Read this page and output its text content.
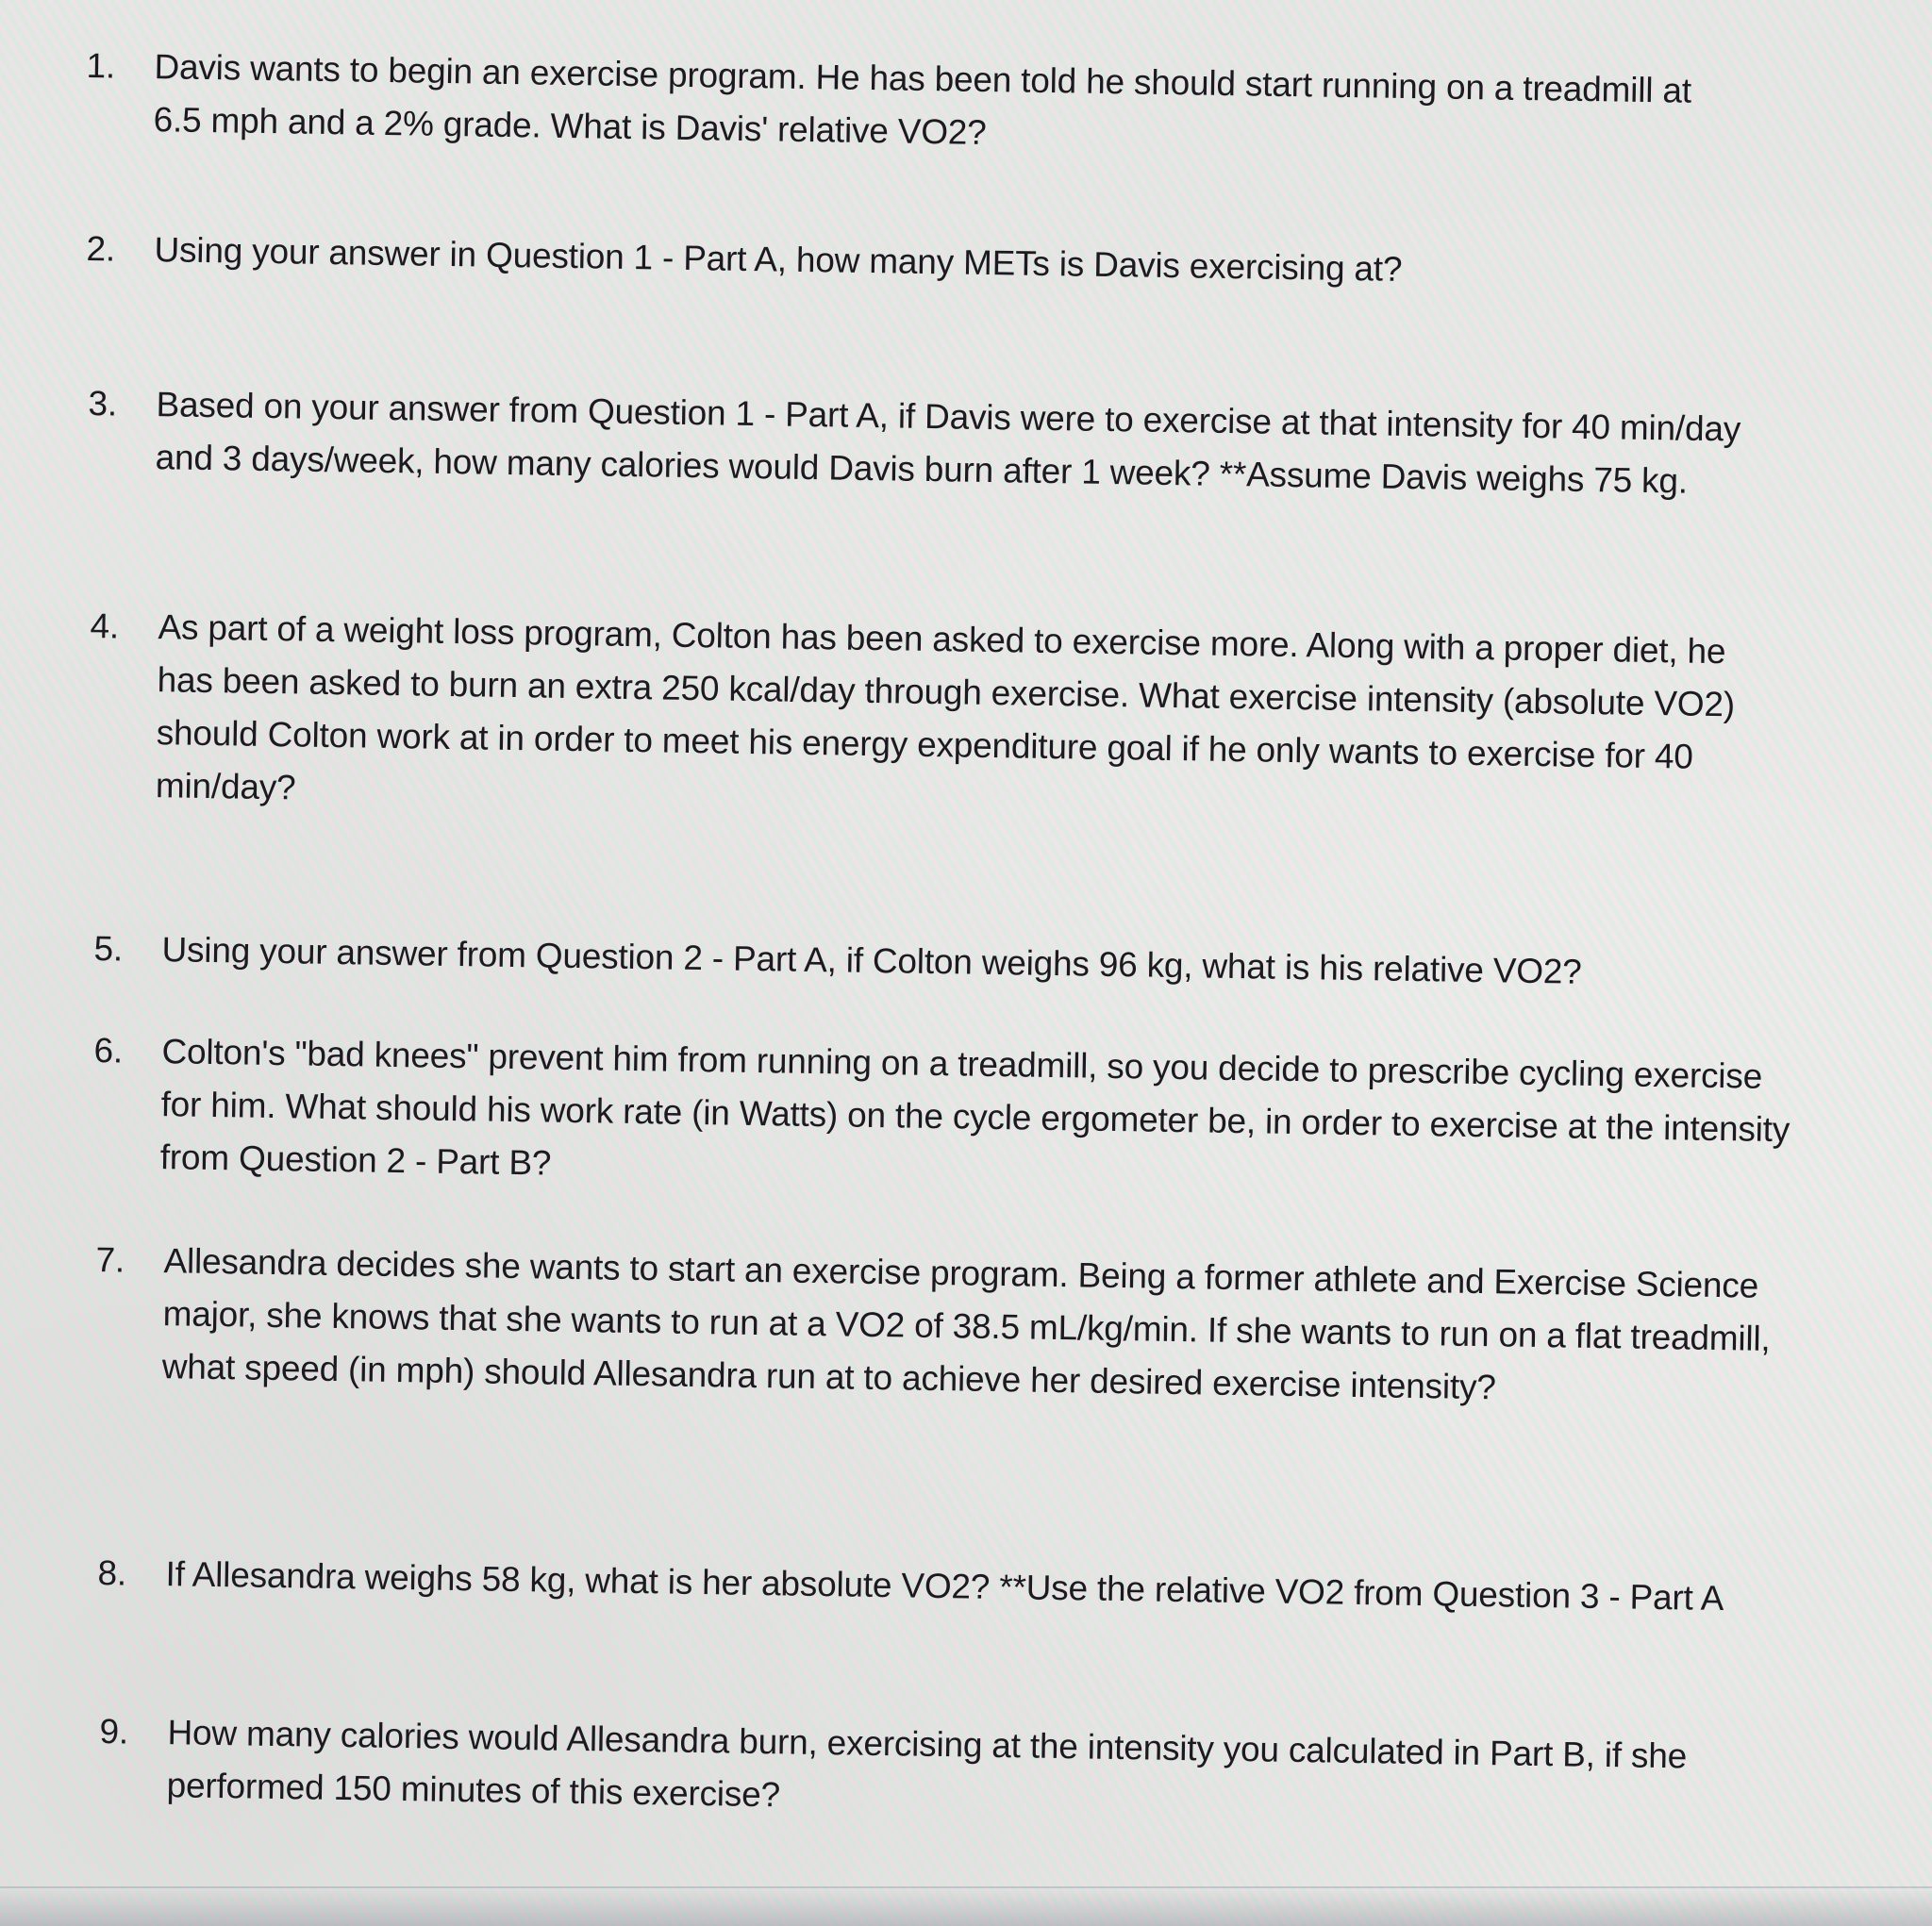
1.	Davis wants to begin an exercise program. He has been told he should start running on a treadmill at 6.5 mph and a 2% grade. What is Davis' relative VO2?
2.	Using your answer in Question 1 - Part A, how many METs is Davis exercising at?
3.	Based on your answer from Question 1 - Part A, if Davis were to exercise at that intensity for 40 min/day and 3 days/week, how many calories would Davis burn after 1 week? **Assume Davis weighs 75 kg.
4.	As part of a weight loss program, Colton has been asked to exercise more. Along with a proper diet, he has been asked to burn an extra 250 kcal/day through exercise. What exercise intensity (absolute VO2) should Colton work at in order to meet his energy expenditure goal if he only wants to exercise for 40 min/day?
5.	Using your answer from Question 2 - Part A, if Colton weighs 96 kg, what is his relative VO2?
6.	Colton's "bad knees" prevent him from running on a treadmill, so you decide to prescribe cycling exercise for him. What should his work rate (in Watts) on the cycle ergometer be, in order to exercise at the intensity from Question 2 - Part B?
7.	Allesandra decides she wants to start an exercise program. Being a former athlete and Exercise Science major, she knows that she wants to run at a VO2 of 38.5 mL/kg/min. If she wants to run on a flat treadmill, what speed (in mph) should Allesandra run at to achieve her desired exercise intensity?
8.	If Allesandra weighs 58 kg, what is her absolute VO2? **Use the relative VO2 from Question 3 - Part A
9.	How many calories would Allesandra burn, exercising at the intensity you calculated in Part B, if she performed 150 minutes of this exercise?
